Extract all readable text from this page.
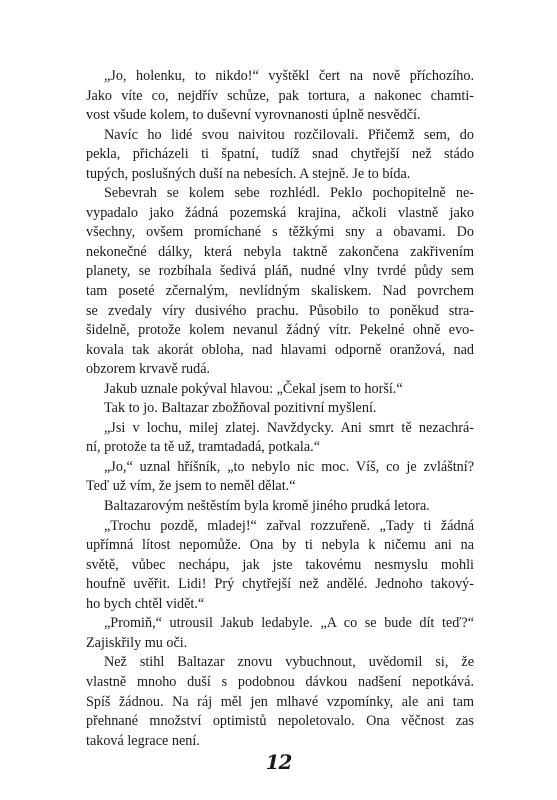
„Jo, holenku, to nikdo!“ vyštěkl čert na nově příchozího.
Jako víte co, nejdřív schůze, pak tortura, a nakonec chamti-
vost všude kolem, to duševní vyrovnanosti úplně nesvědčí.
Navíc ho lidé svou naivitou rozčilovali. Přičemž sem, do
pekla, přicházeli ti špatní, tudíž snad chytřejší než stádo
tupých, poslušných duší na nebesích. A stejně. Je to bída.
Sebevrah se kolem sebe rozhlédl. Peklo pochopitelně ne-
vypadalo jako žádná pozemská krajina, ačkoli vlastně jako
všechny, ovšem promíchané s těžkými sny a obavami. Do
nekonečné dálky, která nebyla taktně zakončena zakřivením
planety, se rozbíhala šedivá pláň, nudné vlny tvrdé půdy sem
tam poseté zčernalým, nevlídným skaliskem. Nad povrchem
se zvedaly víry dusivého prachu. Působilo to poněkud stra-
šidelně, protože kolem nevanul žádný vítr. Pekelné ohně evo-
kovala tak akorát obloha, nad hlavami odporně oranžová, nad
obzorem krvavě rudá.
Jakub uznale pokýval hlavou: „Čekal jsem to horší.“
Tak to jo. Baltazar zbožňoval pozitivní myšlení.
„Jsi v lochu, milej zlatej. Navždycky. Ani smrt tě nezachrá-
ní, protože ta tě už, tramtadadá, potkala.“
„Jo,“ uznal hříšník, „to nebylo nic moc. Víš, co je zvláštní?
Teď už vím, že jsem to neměl dělat.“
Baltazarovým neštěstím byla kromě jiného prudká letora.
„Trochu pozdě, mladej!“ zařval rozzuřeně. „Tady ti žádná
upřímná lítost nepomůže. Ona by ti nebyla k ničemu ani na
světě, vůbec nechápu, jak jste takovému nesmyslu mohli
houfně uvěřit. Lidi! Prý chytřejší než andělé. Jednoho takový-
ho bych chtěl vidět.“
„Promiň,“ utrousil Jakub ledabyle. „A co se bude dít teď?“
Zajiskřily mu oči.
Než stihl Baltazar znovu vybuchnout, uvědomil si, že
vlastně mnoho duší s podobnou dávkou nadšení nepotkává.
Spíš žádnou. Na ráj měl jen mlhavé vzpomínky, ale ani tam
přehnané množství optimistů nepoletovalo. Ona věčnost zas
taková legrace není.
12
